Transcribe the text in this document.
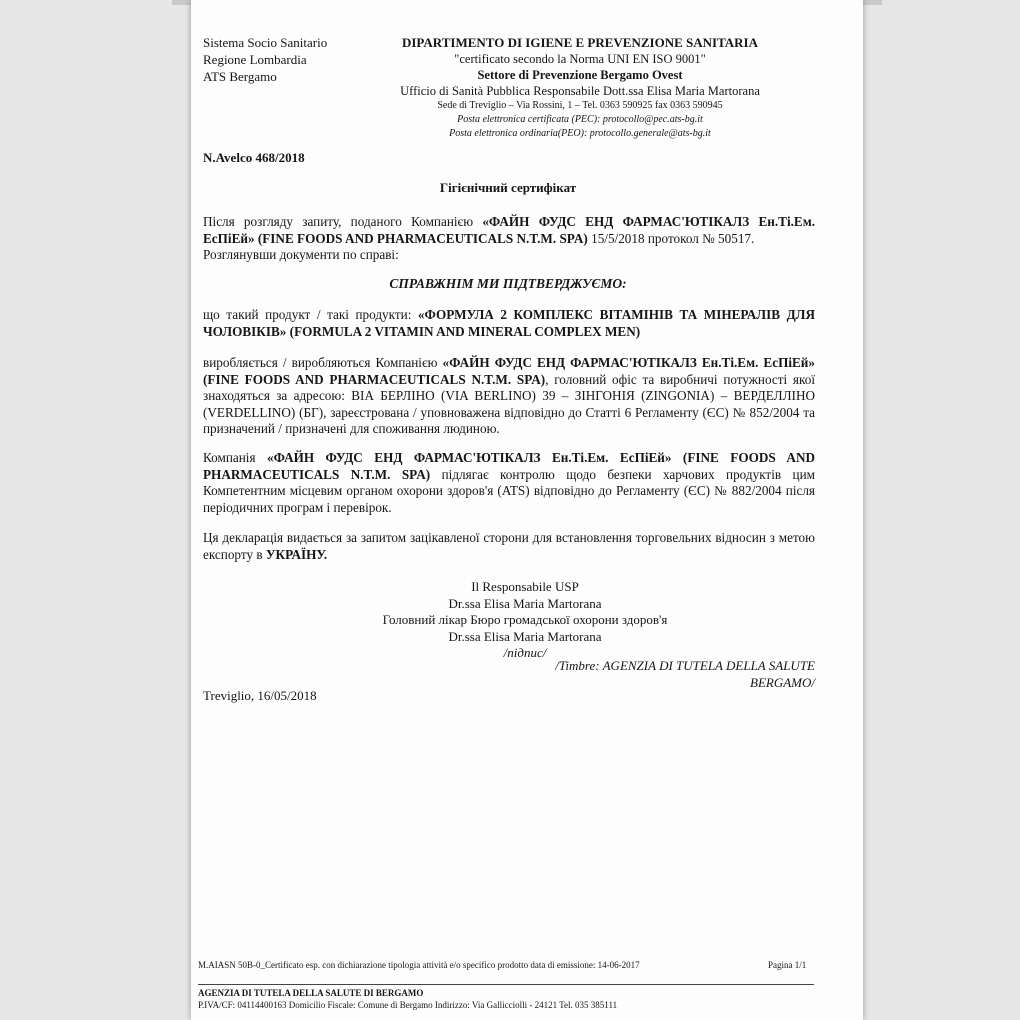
Sistema Socio Sanitario
Regione Lombardia
ATS Bergamo
DIPARTIMENTO DI IGIENE E PREVENZIONE SANITARIA
"certificato secondo la Norma UNI EN ISO 9001"
Settore di Prevenzione Bergamo Ovest
Ufficio di Sanità Pubblica Responsabile Dott.ssa Elisa Maria Martorana
Sede di Treviglio – Via Rossini, 1 – Tel. 0363 590925 fax 0363 590945
Posta elettronica certificata (PEC): protocollo@pec.ats-bg.it
Posta elettronica ordinaria(PEO): protocollo.generale@ats-bg.it
N.Avelco 468/2018
Гігієнічний сертифікат
Після розгляду запиту, поданого Компанією «ФАЙН ФУДС ЕНД ФАРМАС'ЮТІКАЛЗ Ен.Ті.Ем. ЕсПіЕй» (FINE FOODS AND PHARMACEUTICALS N.T.M. SPA) 15/5/2018 протокол № 50517.
Розглянувши документи по справі:
СПРАВЖНІМ МИ ПІДТВЕРДЖУЄМО:
що такий продукт / такі продукти: «ФОРМУЛА 2 КОМПЛЕКС ВІТАМІНІВ ТА МІНЕРАЛІВ ДЛЯ ЧОЛОВІКІВ» (FORMULA 2 VITAMIN AND MINERAL COMPLEX MEN)
виробляється / виробляються Компанією «ФАЙН ФУДС ЕНД ФАРМАС'ЮТІКАЛЗ Ен.Ті.Ем. ЕсПіЕй» (FINE FOODS AND PHARMACEUTICALS N.T.M. SPA), головний офіс та виробничі потужності якої знаходяться за адресою: ВІА БЕРЛІНО (VIA BERLINO) 39 – ЗІНГОНІЯ (ZINGONIA) – ВЕРДЕЛЛІНО (VERDELLINO) (БГ), зареєстрована / уповноважена відповідно до Статті 6 Регламенту (ЄС) № 852/2004 та призначений / призначені для споживання людиною.
Компанія «ФАЙН ФУДС ЕНД ФАРМАС'ЮТІКАЛЗ Ен.Ті.Ем. ЕсПіЕй» (FINE FOODS AND PHARMACEUTICALS N.T.M. SPA) підлягає контролю щодо безпеки харчових продуктів цим Компетентним місцевим органом охорони здоров'я (ATS) відповідно до Регламенту (ЄС) № 882/2004 після періодичних програм і перевірок.
Ця декларація видається за запитом зацікавленої сторони для встановлення торговельних відносин з метою експорту в УКРАЇНУ.
Il Responsabile USP
Dr.ssa Elisa Maria Martorana
Головний лікар Бюро громадської охорони здоров'я
Dr.ssa Elisa Maria Martorana
/підпис/
/Timbre: AGENZIA DI TUTELA DELLA SALUTE BERGAMO/
Treviglio, 16/05/2018
M.AIASN 50B-0_Certificato esp. con dichiarazione tipologia attività e/o specifico prodotto data di emissione: 14-06-2017	Pagina 1/1
AGENZIA DI TUTELA DELLA SALUTE DI BERGAMO
P.IVA/CF: 04114400163 Domicilio Fiscale: Comune di Bergamo Indirizzo: Via Gallicciolli - 24121 Tel. 035 385111
